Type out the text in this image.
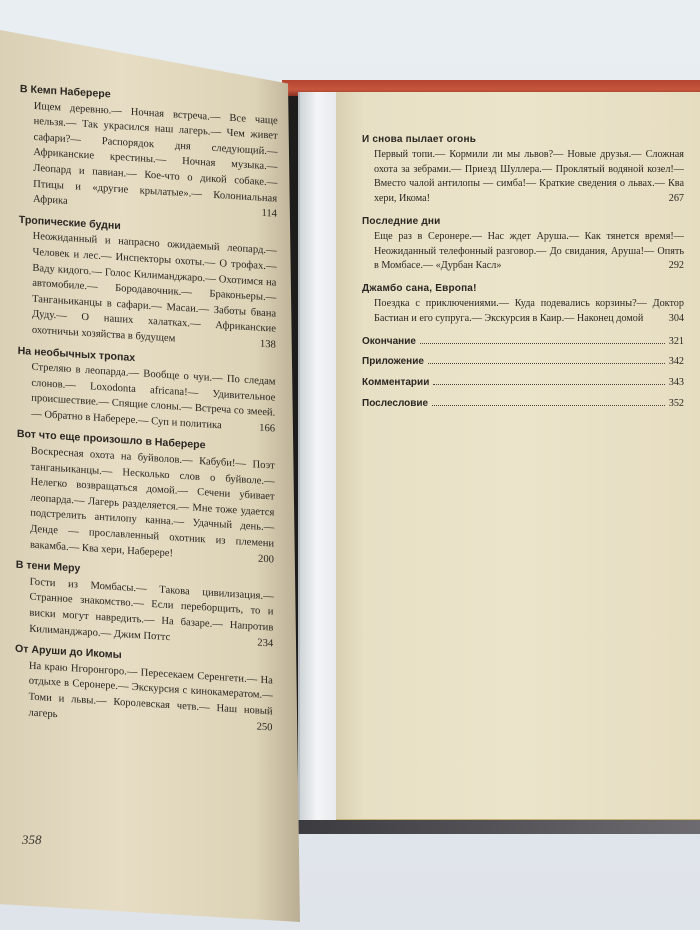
И снова пылает огонь
Первый топи.— Кормили ли мы львов?— Новые друзья.— Сложная охота за зебрами.— Приезд Шуллера.— Проклятый водяной козел!— Вместо чалой антилопы — симба!— Краткие сведения о львах.— Ква хери, Икома!	267
Последние дни
Еще раз в Серонере.— Нас ждет Аруша.— Как тянется время!— Неожиданный телефонный разговор.— До свидания, Аруша!— Опять в Момбасе.— «Дурбан Касл»	292
Джамбо сана, Европа!
Поездка с приключениями.— Куда подевались корзины?— Доктор Бастиан и его супруга.— Экскурсия в Каир.— Наконец домой	304
Окончание	321
Приложение	342
Комментарии	343
Послесловие	352
В Кемп Наберере
Ищем деревню.— Ночная встреча.— Все чаще нельзя.— Так украсился наш лагерь.— Чем живет сафари?— Распорядок дня следующий.— Африканские крестины.— Ночная музыка.— Леопард и павиан.— Кое-что о дикой собаке.— Птицы и «другие крылатые».— Колониальная Африка
114
Тропические будни
Неожиданный и напрасно ожидаемый леопард.— Человек и лес.— Инспекторы охоты.— О трофах.— Ваду кидого.— Голос Килиманджаро.— Охотимся на автомобиле.— Бородавочник.— Браконьеры.— Танганьиканцы в сафари.— Масаи.— Заботы бвана Дуду.— О наших халатках.— Африканские охотничьи хозяйства в будущем
138
На необычных тропах
Стреляю в леопарда.— Вообще о чуи.— По следам слонов.— Loxodonta africana!— Удивительное происшествие.— Спящие слоны.— Встреча со змеей.— Обратно в Наберере.— Суп и политика	166
Вот что еще произошло в Наберере
Воскресная охота на буйволов.— Кабуби!— Поэт танганьиканцы.— Несколько слов о буйволе.— Нелегко возвращаться домой.— Сечени убивает леопарда.— Лагерь разделяется.— Мне тоже удается подстрелить антилопу канна.— Удачный день.— Денде — прославленный охотник из племени вакамба.— Ква хери, Наберере!
200
В тени Меру
Гости из Момбасы.— Такова цивилизация.— Странное знакомство.— Если переборщить, то и виски могут навредить.— На базаре.— Напротив Килиманджаро.— Джим Поттс
234
От Аруши до Икомы
На краю Нгоронгоро.— Пересекаем Серенгети.— На отдыхе в Серонере.— Экскурсия с кинокамератом.— Томи и львы.— Королевская четв.— Наш новый лагерь
250
358
